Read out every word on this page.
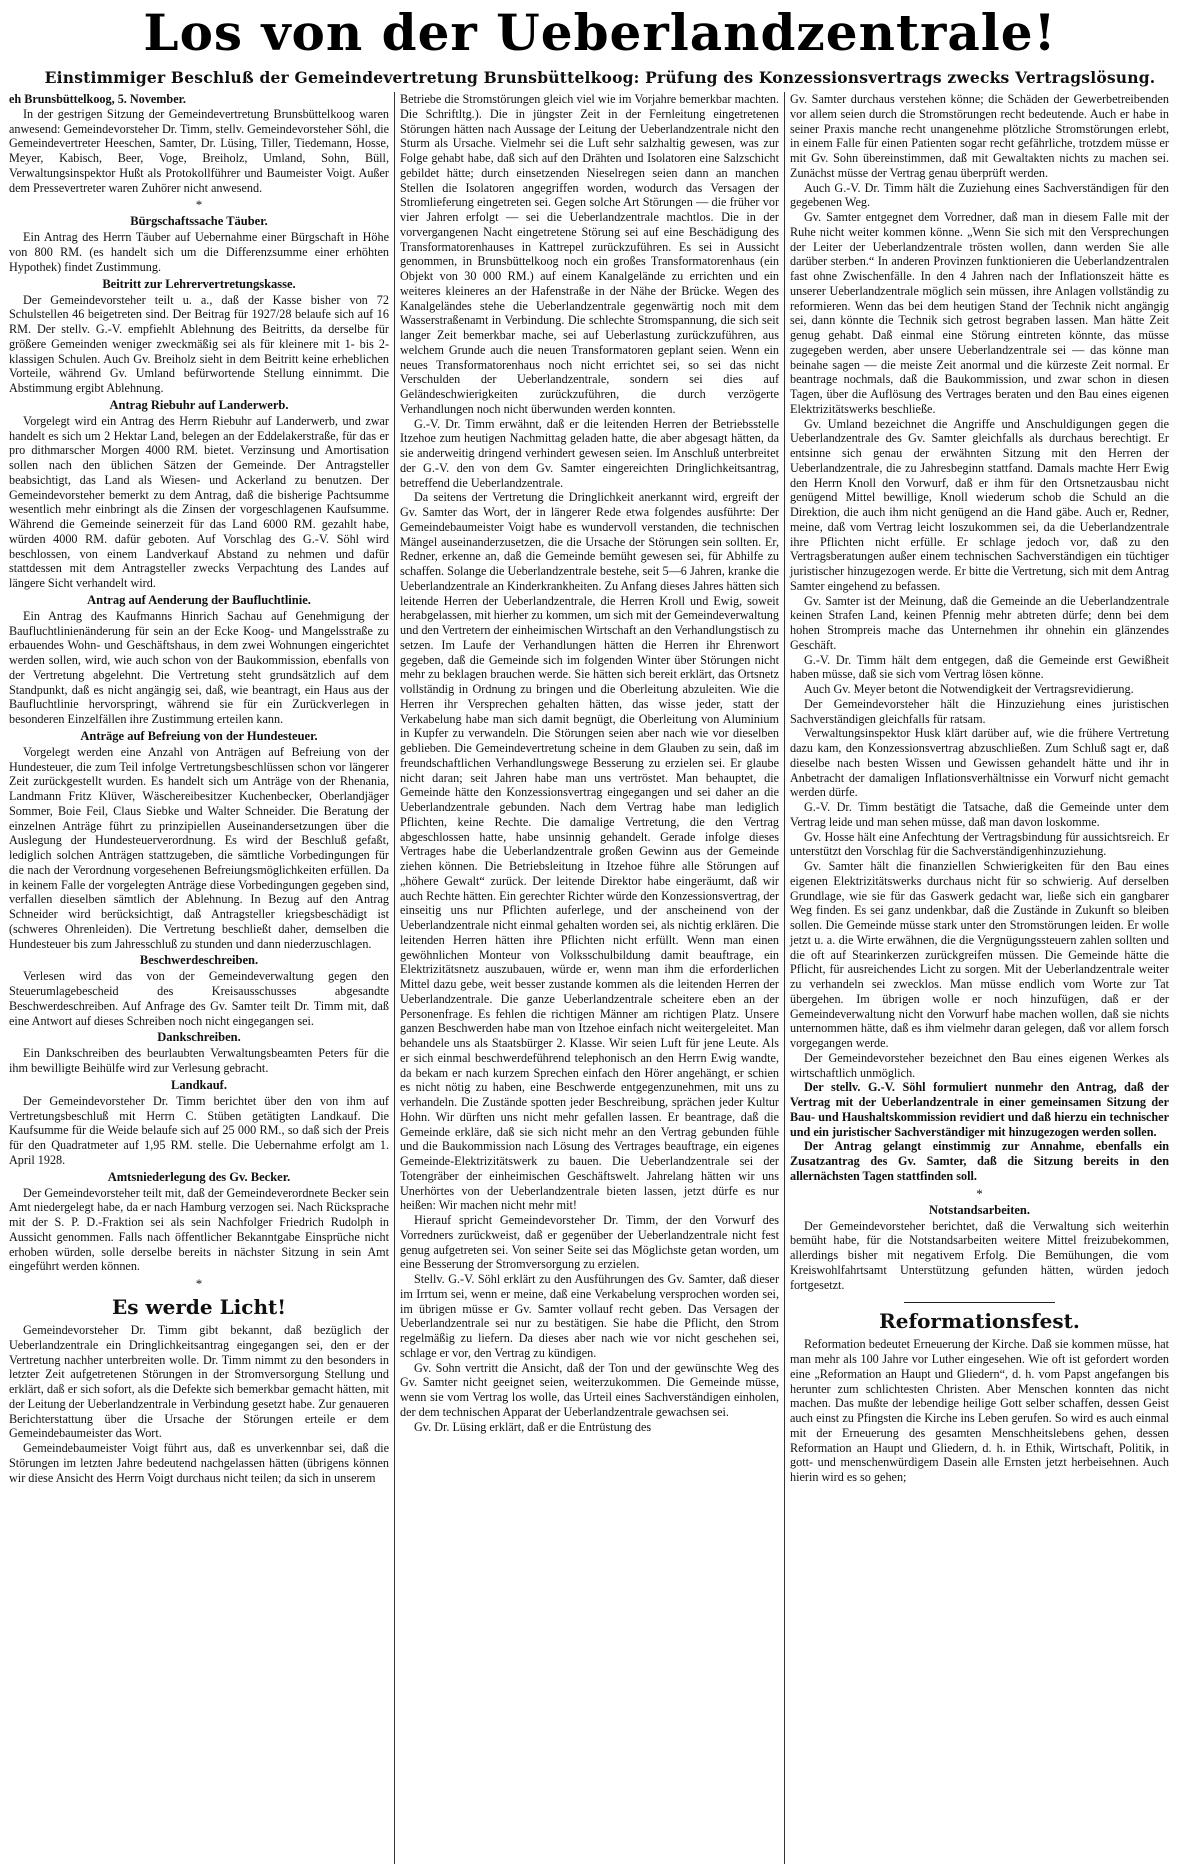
Los von der Ueberlandzentrale!
Einstimmiger Beschluß der Gemeindevertretung Brunsbüttelkoog: Prüfung des Konzessionsvertrags zwecks Vertragslösung.

eh Brunsbüttelkoog, 5. November.

In der gestrigen Sitzung der Gemeindevertretung Brunsbüttelkoog waren anwesend: Gemeindevorsteher Dr. Timm, stellv. Gemeindevorsteher Söhl, die Gemeindevertreter Heeschen, Samter, Dr. Lüsing, Tiller, Tiedemann, Hosse, Meyer, Kabisch, Beer, Voge, Breiholz, Umland, Sohn, Büll, Verwaltungsinspektor Hußt als Protokollführer und Baumeister Voigt. Außer dem Pressevertreter waren Zuhörer nicht anwesend.

*
Bürgschaftssache Täuber.

Ein Antrag des Herrn Täuber auf Uebernahme einer Bürgschaft in Höhe von 800 RM. (es handelt sich um die Differenzsumme einer erhöhten Hypothek) findet Zustimmung.

Beitritt zur Lehrervertretungskasse.

Der Gemeindevorsteher teilt u. a., daß der Kasse bisher von 72 Schulstellen 46 beigetreten sind. Der Beitrag für 1927/28 belaufe sich auf 16 RM. Der stellv. G.-V. empfiehlt Ablehnung des Beitritts, da derselbe für größere Gemeinden weniger zweckmäßig sei als für kleinere mit 1- bis 2-klassigen Schulen. Auch Gv. Breiholz sieht in dem Beitritt keine erheblichen Vorteile, während Gv. Umland befürwortende Stellung einnimmt. Die Abstimmung ergibt Ablehnung.

Antrag Riebuhr auf Landerwerb.

Vorgelegt wird ein Antrag des Herrn Riebuhr auf Landerwerb, und zwar handelt es sich um 2 Hektar Land, belegen an der Eddelakerstraße, für das er pro dithmarscher Morgen 4000 RM. bietet. Verzinsung und Amortisation sollen nach den üblichen Sätzen der Gemeinde. Der Antragsteller beabsichtigt, das Land als Wiesen- und Ackerland zu benutzen. Der Gemeindevorsteher bemerkt zu dem Antrag, daß die bisherige Pachtsumme wesentlich mehr einbringt als die Zinsen der vorgeschlagenen Kaufsumme. Während die Gemeinde seinerzeit für das Land 6000 RM. gezahlt habe, würden 4000 RM. dafür geboten. Auf Vorschlag des G.-V. Söhl wird beschlossen, von einem Landverkauf Abstand zu nehmen und dafür stattdessen mit dem Antragsteller zwecks Verpachtung des Landes auf längere Sicht verhandelt wird.

Antrag auf Aenderung der Baufluchtlinie.

Ein Antrag des Kaufmanns Hinrich Sachau auf Genehmigung der Baufluchtlinienänderung für sein an der Ecke Koog- und Mangelsstraße zu erbauendes Wohn- und Geschäftshaus, in dem zwei Wohnungen eingerichtet werden sollen, wird, wie auch schon von der Baukommission, ebenfalls von der Vertretung abgelehnt. Die Vertretung steht grundsätzlich auf dem Standpunkt, daß es nicht angängig sei, daß, wie beantragt, ein Haus aus der Baufluchtlinie hervorspringt, während sie für ein Zurückverlegen in besonderen Einzelfällen ihre Zustimmung erteilen kann.

Anträge auf Befreiung von der Hundesteuer.

Vorgelegt werden eine Anzahl von Anträgen auf Befreiung von der Hundesteuer, die zum Teil infolge Vertretungsbeschlüssen schon vor längerer Zeit zurückgestellt wurden. Es handelt sich um Anträge von der Rhenania, Landmann Fritz Klüver, Wäschereibesitzer Kuchenbecker, Oberlandjäger Sommer, Boie Feil, Claus Siebke und Walter Schneider. Die Beratung der einzelnen Anträge führt zu prinzipiellen Auseinandersetzungen über die Auslegung der Hundesteuerverordnung. Es wird der Beschluß gefaßt, lediglich solchen Anträgen stattzugeben, die sämtliche Vorbedingungen für die nach der Verordnung vorgesehenen Befreiungsmöglichkeiten erfüllen. Da in keinem Falle der vorgelegten Anträge diese Vorbedingungen gegeben sind, verfallen dieselben sämtlich der Ablehnung. In Bezug auf den Antrag Schneider wird berücksichtigt, daß Antragsteller kriegsbeschädigt ist (schweres Ohrenleiden). Die Vertretung beschließt daher, demselben die Hundesteuer bis zum Jahresschluß zu stunden und dann niederzuschlagen.

Beschwerdeschreiben.

Verlesen wird das von der Gemeindeverwaltung gegen den Steuerumlagebescheid des Kreisausschusses abgesandte Beschwerdeschreiben. Auf Anfrage des Gv. Samter teilt Dr. Timm mit, daß eine Antwort auf dieses Schreiben noch nicht eingegangen sei.

Dankschreiben.

Ein Dankschreiben des beurlaubten Verwaltungsbeamten Peters für die ihm bewilligte Beihülfe wird zur Verlesung gebracht.

Landkauf.

Der Gemeindevorsteher Dr. Timm berichtet über den von ihm auf Vertretungsbeschluß mit Herrn C. Stüben getätigten Landkauf. Die Kaufsumme für die Weide belaufe sich auf 25 000 RM., so daß sich der Preis für den Quadratmeter auf 1,95 RM. stelle. Die Uebernahme erfolgt am 1. April 1928.

Amtsniederlegung des Gv. Becker.

Der Gemeindevorsteher teilt mit, daß der Gemeindeverordnete Becker sein Amt niedergelegt habe, da er nach Hamburg verzogen sei. Nach Rücksprache mit der S. P. D.-Fraktion sei als sein Nachfolger Friedrich Rudolph in Aussicht genommen. Falls nach öffentlicher Bekanntgabe Einsprüche nicht erhoben würden, solle derselbe bereits in nächster Sitzung in sein Amt eingeführt werden können.

*
Es werde Licht!

Gemeindevorsteher Dr. Timm gibt bekannt, daß bezüglich der Ueberlandzentrale ein Dringlichkeitsantrag eingegangen sei, den er der Vertretung nachher unterbreiten wolle. Dr. Timm nimmt zu den besonders in letzter Zeit aufgetretenen Störungen in der Stromversorgung Stellung und erklärt, daß er sich sofort, als die Defekte sich bemerkbar gemacht hätten, mit der Leitung der Ueberlandzentrale in Verbindung gesetzt habe. Zur genaueren Berichterstattung über die Ursache der Störungen erteile er dem Gemeindebaumeister das Wort.

Gemeindebaumeister Voigt führt aus, daß es unverkennbar sei, daß die Störungen im letzten Jahre bedeutend nachgelassen hätten (übrigens können wir diese Ansicht des Herrn Voigt durchaus nicht teilen; da sich in unserem

Betriebe die Stromstörungen gleich viel wie im Vorjahre bemerkbar machten. Die Schriftltg.). Die in jüngster Zeit in der Fernleitung eingetretenen Störungen hätten nach Aussage der Leitung der Ueberlandzentrale nicht den Sturm als Ursache. Vielmehr sei die Luft sehr salzhaltig gewesen, was zur Folge gehabt habe, daß sich auf den Drähten und Isolatoren eine Salzschicht gebildet hätte; durch einsetzenden Nieselregen seien dann an manchen Stellen die Isolatoren angegriffen worden, wodurch das Versagen der Stromlieferung eingetreten sei. Gegen solche Art Störungen — die früher vor vier Jahren erfolgt — sei die Ueberlandzentrale machtlos. Die in der vorvergangenen Nacht eingetretene Störung sei auf eine Beschädigung des Transformatorenhauses in Kattrepel zurückzuführen. Es sei in Aussicht genommen, in Brunsbüttelkoog noch ein großes Transformatorenhaus (ein Objekt von 30 000 RM.) auf einem Kanalgelände zu errichten und ein weiteres kleineres an der Hafenstraße in der Nähe der Brücke. Wegen des Kanalgeländes stehe die Ueberlandzentrale gegenwärtig noch mit dem Wasserstraßenamt in Verbindung. Die schlechte Stromspannung, die sich seit langer Zeit bemerkbar mache, sei auf Ueberlastung zurückzuführen, aus welchem Grunde auch die neuen Transformatoren geplant seien. Wenn ein neues Transformatorenhaus noch nicht errichtet sei, so sei das nicht Verschulden der Ueberlandzentrale, sondern sei dies auf Geländeschwierigkeiten zurückzuführen, die durch verzögerte Verhandlungen noch nicht überwunden werden konnten.

G.-V. Dr. Timm erwähnt, daß er die leitenden Herren der Betriebsstelle Itzehoe zum heutigen Nachmittag geladen hatte, die aber abgesagt hätten, da sie anderweitig dringend verhindert gewesen seien. Im Anschluß unterbreitet der G.-V. den von dem Gv. Samter eingereichten Dringlichkeitsantrag, betreffend die Ueberlandzentrale.

Da seitens der Vertretung die Dringlichkeit anerkannt wird, ergreift der Gv. Samter das Wort, der in längerer Rede etwa folgendes ausführte: Der Gemeindebaumeister Voigt habe es wundervoll verstanden, die technischen Mängel auseinanderzusetzen, die die Ursache der Störungen sein sollten. Er, Redner, erkenne an, daß die Gemeinde bemüht gewesen sei, für Abhilfe zu schaffen. Solange die Ueberlandzentrale bestehe, seit 5—6 Jahren, kranke die Ueberlandzentrale an Kinderkrankheiten. Zu Anfang dieses Jahres hätten sich leitende Herren der Ueberlandzentrale, die Herren Kroll und Ewig, soweit herabgelassen, mit hierher zu kommen, um sich mit der Gemeindeverwaltung und den Vertretern der einheimischen Wirtschaft an den Verhandlungstisch zu setzen. Im Laufe der Verhandlungen hätten die Herren ihr Ehrenwort gegeben, daß die Gemeinde sich im folgenden Winter über Störungen nicht mehr zu beklagen brauchen werde. Sie hätten sich bereit erklärt, das Ortsnetz vollständig in Ordnung zu bringen und die Oberleitung abzuleiten. Wie die Herren ihr Versprechen gehalten hätten, das wisse jeder, statt der Verkabelung habe man sich damit begnügt, die Oberleitung von Aluminium in Kupfer zu verwandeln. Die Störungen seien aber nach wie vor dieselben geblieben. Die Gemeindevertretung scheine in dem Glauben zu sein, daß im freundschaftlichen Verhandlungswege Besserung zu erzielen sei. Er glaube nicht daran; seit Jahren habe man uns vertröstet. Man behauptet, die Gemeinde hätte den Konzessionsvertrag eingegangen und sei daher an die Ueberlandzentrale gebunden. Nach dem Vertrag habe man lediglich Pflichten, keine Rechte. Die damalige Vertretung, die den Vertrag abgeschlossen hatte, habe unsinnig gehandelt. Gerade infolge dieses Vertrages habe die Ueberlandzentrale großen Gewinn aus der Gemeinde ziehen können. Die Betriebsleitung in Itzehoe führe alle Störungen auf „höhere Gewalt“ zurück. Der leitende Direktor habe eingeräumt, daß wir auch Rechte hätten. Ein gerechter Richter würde den Konzessionsvertrag, der einseitig uns nur Pflichten auferlege, und der anscheinend von der Ueberlandzentrale nicht einmal gehalten worden sei, als nichtig erklären. Die leitenden Herren hätten ihre Pflichten nicht erfüllt. Wenn man einen gewöhnlichen Monteur von Volksschulbildung damit beauftrage, ein Elektrizitätsnetz auszubauen, würde er, wenn man ihm die erforderlichen Mittel dazu gebe, weit besser zustande kommen als die leitenden Herren der Ueberlandzentrale. Die ganze Ueberlandzentrale scheitere eben an der Personenfrage. Es fehlen die richtigen Männer am richtigen Platz. Unsere ganzen Beschwerden habe man von Itzehoe einfach nicht weitergeleitet. Man behandele uns als Staatsbürger 2. Klasse. Wir seien Luft für jene Leute. Als er sich einmal beschwerdeführend telephonisch an den Herrn Ewig wandte, da bekam er nach kurzem Sprechen einfach den Hörer angehängt, er schien es nicht nötig zu haben, eine Beschwerde entgegenzunehmen, mit uns zu verhandeln. Die Zustände spotten jeder Beschreibung, sprächen jeder Kultur Hohn. Wir dürften uns nicht mehr gefallen lassen. Er beantrage, daß die Gemeinde erkläre, daß sie sich nicht mehr an den Vertrag gebunden fühle und die Baukommission nach Lösung des Vertrages beauftrage, ein eigenes Gemeinde-Elektrizitätswerk zu bauen. Die Ueberlandzentrale sei der Totengräber der einheimischen Geschäftswelt. Jahrelang hätten wir uns Unerhörtes von der Ueberlandzentrale bieten lassen, jetzt dürfe es nur heißen: Wir machen nicht mehr mit!

Hierauf spricht Gemeindevorsteher Dr. Timm, der den Vorwurf des Vorredners zurückweist, daß er gegenüber der Ueberlandzentrale nicht fest genug aufgetreten sei. Von seiner Seite sei das Möglichste getan worden, um eine Besserung der Stromversorgung zu erzielen.

Stellv. G.-V. Söhl erklärt zu den Ausführungen des Gv. Samter, daß dieser im Irrtum sei, wenn er meine, daß eine Verkabelung versprochen worden sei, im übrigen müsse er Gv. Samter vollauf recht geben. Das Versagen der Ueberlandzentrale sei nur zu bestätigen. Sie habe die Pflicht, den Strom regelmäßig zu liefern. Da dieses aber nach wie vor nicht geschehen sei, schlage er vor, den Vertrag zu kündigen.

Gv. Sohn vertritt die Ansicht, daß der Ton und der gewünschte Weg des Gv. Samter nicht geeignet seien, weiterzukommen. Die Gemeinde müsse, wenn sie vom Vertrag los wolle, das Urteil eines Sachverständigen einholen, der dem technischen Apparat der Ueberlandzentrale gewachsen sei.

Gv. Dr. Lüsing erklärt, daß er die Entrüstung des

Gv. Samter durchaus verstehen könne; die Schäden der Gewerbetreibenden vor allem seien durch die Stromstörungen recht bedeutende. Auch er habe in seiner Praxis manche recht unangenehme plötzliche Stromstörungen erlebt, in einem Falle für einen Patienten sogar recht gefährliche, trotzdem müsse er mit Gv. Sohn übereinstimmen, daß mit Gewaltakten nichts zu machen sei. Zunächst müsse der Vertrag genau überprüft werden.

Auch G.-V. Dr. Timm hält die Zuziehung eines Sachverständigen für den gegebenen Weg.

Gv. Samter entgegnet dem Vorredner, daß man in diesem Falle mit der Ruhe nicht weiter kommen könne. „Wenn Sie sich mit den Versprechungen der Leiter der Ueberlandzentrale trösten wollen, dann werden Sie alle darüber sterben.“ In anderen Provinzen funktionieren die Ueberlandzentralen fast ohne Zwischenfälle. In den 4 Jahren nach der Inflationszeit hätte es unserer Ueberlandzentrale möglich sein müssen, ihre Anlagen vollständig zu reformieren. Wenn das bei dem heutigen Stand der Technik nicht angängig sei, dann könnte die Technik sich getrost begraben lassen. Man hätte Zeit genug gehabt. Daß einmal eine Störung eintreten könnte, das müsse zugegeben werden, aber unsere Ueberlandzentrale sei — das könne man beinahe sagen — die meiste Zeit anormal und die kürzeste Zeit normal. Er beantrage nochmals, daß die Baukommission, und zwar schon in diesen Tagen, über die Auflösung des Vertrages beraten und den Bau eines eigenen Elektrizitätswerks beschließe.

Gv. Umland bezeichnet die Angriffe und Anschuldigungen gegen die Ueberlandzentrale des Gv. Samter gleichfalls als durchaus berechtigt. Er entsinne sich genau der erwähnten Sitzung mit den Herren der Ueberlandzentrale, die zu Jahresbeginn stattfand. Damals machte Herr Ewig den Herrn Knoll den Vorwurf, daß er ihm für den Ortsnetzausbau nicht genügend Mittel bewillige, Knoll wiederum schob die Schuld an die Direktion, die auch ihm nicht genügend an die Hand gäbe. Auch er, Redner, meine, daß vom Vertrag leicht loszukommen sei, da die Ueberlandzentrale ihre Pflichten nicht erfülle. Er schlage jedoch vor, daß zu den Vertragsberatungen außer einem technischen Sachverständigen ein tüchtiger juristischer hinzugezogen werde. Er bitte die Vertretung, sich mit dem Antrag Samter eingehend zu befassen.

Gv. Samter ist der Meinung, daß die Gemeinde an die Ueberlandzentrale keinen Strafen Land, keinen Pfennig mehr abtreten dürfe; denn bei dem hohen Strompreis mache das Unternehmen ihr ohnehin ein glänzendes Geschäft.

G.-V. Dr. Timm hält dem entgegen, daß die Gemeinde erst Gewißheit haben müsse, daß sie sich vom Vertrag lösen könne.

Auch Gv. Meyer betont die Notwendigkeit der Vertragsrevidierung.

Der Gemeindevorsteher hält die Hinzuziehung eines juristischen Sachverständigen gleichfalls für ratsam.

Verwaltungsinspektor Husk klärt darüber auf, wie die frühere Vertretung dazu kam, den Konzessionsvertrag abzuschließen. Zum Schluß sagt er, daß dieselbe nach besten Wissen und Gewissen gehandelt hätte und ihr in Anbetracht der damaligen Inflationsverhältnisse ein Vorwurf nicht gemacht werden dürfe.

G.-V. Dr. Timm bestätigt die Tatsache, daß die Gemeinde unter dem Vertrag leide und man sehen müsse, daß man davon loskomme.

Gv. Hosse hält eine Anfechtung der Vertragsbindung für aussichtsreich. Er unterstützt den Vorschlag für die Sachverständigenhinzuziehung.

Gv. Samter hält die finanziellen Schwierigkeiten für den Bau eines eigenen Elektrizitätswerks durchaus nicht für so schwierig. Auf derselben Grundlage, wie sie für das Gaswerk gedacht war, ließe sich ein gangbarer Weg finden. Es sei ganz undenkbar, daß die Zustände in Zukunft so bleiben sollen. Die Gemeinde müsse stark unter den Stromstörungen leiden. Er wolle jetzt u. a. die Wirte erwähnen, die die Vergnügungssteuern zahlen sollten und die oft auf Stearinkerzen zurückgreifen müssen. Die Gemeinde hätte die Pflicht, für ausreichendes Licht zu sorgen. Mit der Ueberlandzentrale weiter zu verhandeln sei zwecklos. Man müsse endlich vom Worte zur Tat übergehen. Im übrigen wolle er noch hinzufügen, daß er der Gemeindeverwaltung nicht den Vorwurf habe machen wollen, daß sie nichts unternommen hätte, daß es ihm vielmehr daran gelegen, daß vor allem forsch vorgegangen werde.

Der Gemeindevorsteher bezeichnet den Bau eines eigenen Werkes als wirtschaftlich unmöglich.

Der stellv. G.-V. Söhl formuliert nunmehr den Antrag, daß der Vertrag mit der Ueberlandzentrale in einer gemeinsamen Sitzung der Bau- und Haushaltskommission revidiert und daß hierzu ein technischer und ein juristischer Sachverständiger mit hinzugezogen werden sollen.

Der Antrag gelangt einstimmig zur Annahme, ebenfalls ein Zusatzantrag des Gv. Samter, daß die Sitzung bereits in den allernächsten Tagen stattfinden soll.

*
Notstandsarbeiten.

Der Gemeindevorsteher berichtet, daß die Verwaltung sich weiterhin bemüht habe, für die Notstandsarbeiten weitere Mittel freizubekommen, allerdings bisher mit negativem Erfolg. Die Bemühungen, die vom Kreiswohlfahrtsamt Unterstützung gefunden hätten, würden jedoch fortgesetzt.

Reformationsfest.

Reformation bedeutet Erneuerung der Kirche. Daß sie kommen müsse, hat man mehr als 100 Jahre vor Luther eingesehen. Wie oft ist gefordert worden eine „Reformation an Haupt und Gliedern“, d. h. vom Papst angefangen bis herunter zum schlichtesten Christen. Aber Menschen konnten das nicht machen. Das mußte der lebendige heilige Gott selber schaffen, dessen Geist auch einst zu Pfingsten die Kirche ins Leben gerufen. So wird es auch einmal mit der Erneuerung des gesamten Menschheitslebens gehen, dessen Reformation an Haupt und Gliedern, d. h. in Ethik, Wirtschaft, Politik, in gott- und menschenwürdigem Dasein alle Ernsten jetzt herbeisehnen. Auch hierin wird es so gehen;
